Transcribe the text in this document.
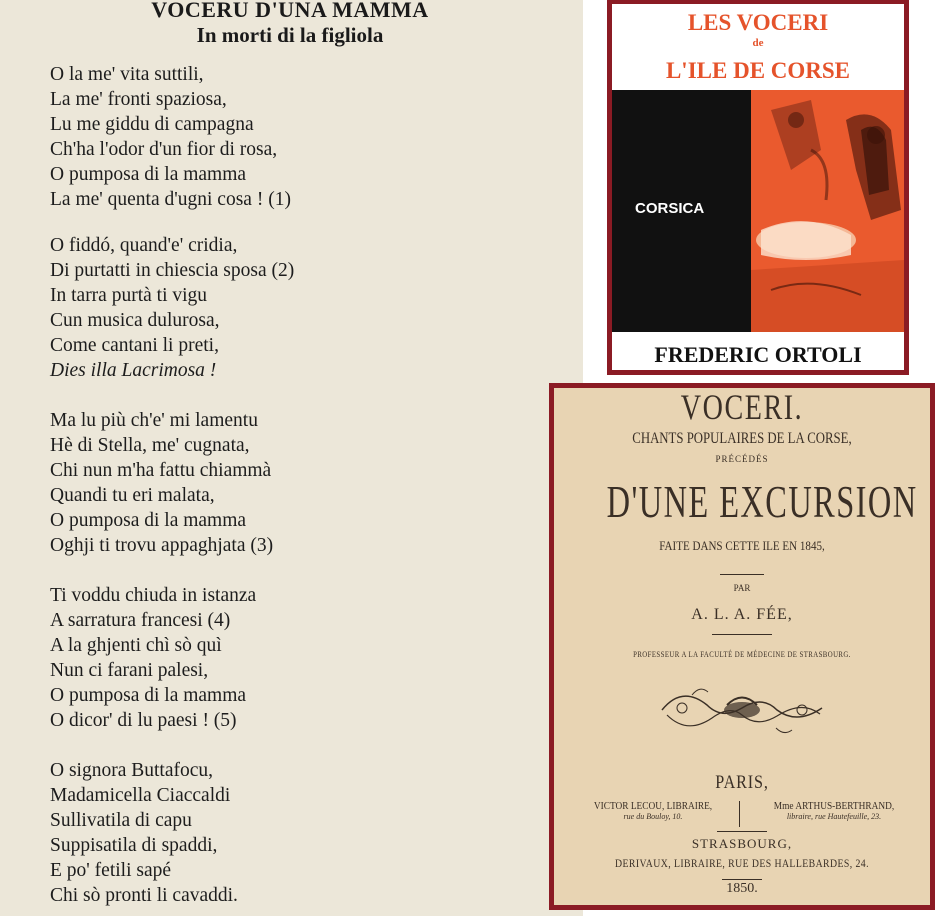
VOCERU D'UNA MAMMA
In morti di la figliola
O la me' vita suttili,
La me' fronti spaziosa,
Lu me giddu di campagna
Ch'ha l'odor d'un fior di rosa,
O pumposa di la mamma
La me' quenta d'ugni cosa ! (1)
O fiddó, quand'e' cridia,
Di purtatti in chiescia sposa (2)
In tarra purtà ti vigu
Cun musica dulurosa,
Come cantani li preti,
Dies illa Lacrimosa !
Ma lu più ch'e' mi lamentu
Hè di Stella, me' cugnata,
Chi nun m'ha fattu chiammà
Quandi tu eri malata,
O pumposa di la mamma
Oghji ti trovu appaghjata (3)
Ti voddu chiuda in istanza
A sarratura francesi (4)
A la ghjenti chì sò quì
Nun ci farani palesi,
O pumposa di la mamma
O dicor' di lu paesi ! (5)
O signora Buttafocu,
Madamicella Ciaccaldi
Sullivatila di capu
Suppisatila di spaddi,
E po' fetili sapé
Chi sò pronti li cavaddi.
LES VOCERI
de
L'ILE DE CORSE
CORSICA
FREDERIC ORTOLI
VOCERI.
CHANTS POPULAIRES DE LA CORSE,
PRÉCÉDÉS
D'UNE EXCURSION
FAITE DANS CETTE ILE EN 1845,
PAR
A. L. A. FÉE,
PROFESSEUR A LA FACULTÉ DE MÉDECINE DE STRASBOURG.
PARIS,
VICTOR LECOU, LIBRAIRE,
rue du Bouloy, 10.
Mme ARTHUS-BERTHRAND,
libraire, rue Hautefeuille, 23.
STRASBOURG,
DERIVAUX, LIBRAIRE, RUE DES HALLEBARDES, 24.
1850.
